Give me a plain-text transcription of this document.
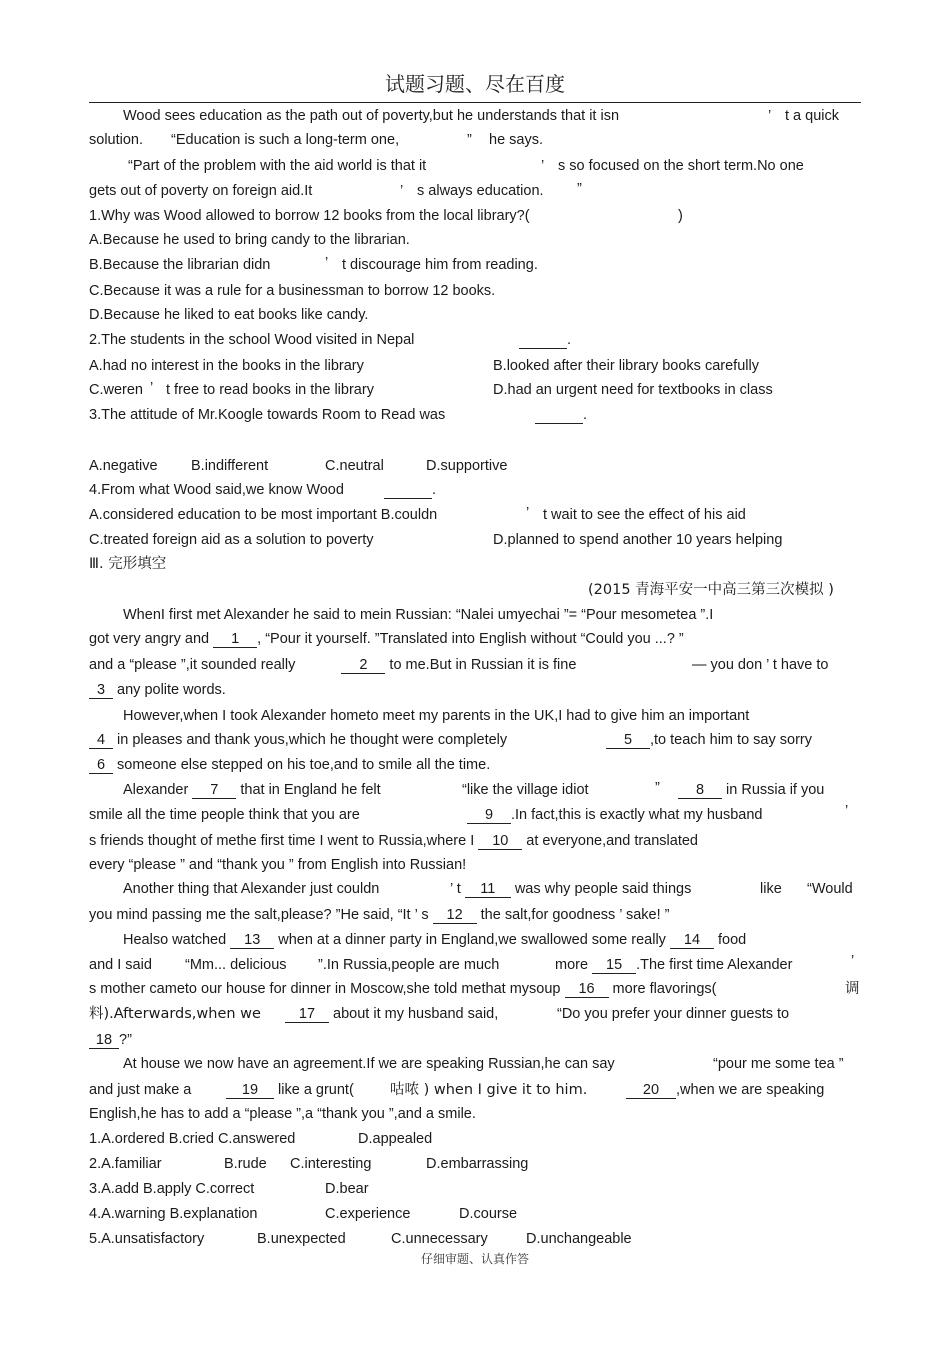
试题习题、尽在百度
Wood sees education as the path out of poverty,but he understands that it isn	’ t a quick
solution. “Education is such a long-term one,	” he says.
“Part of the problem with the aid world is that it	’ s so focused on the short term.No one
gets out of poverty on foreign aid.It	’ s always education. ”
1.Why was Wood allowed to borrow 12 books from the local library?(	)
A.Because he used to bring candy to the librarian.
B.Because the librarian didn	’ t discourage him from reading.
C.Because it was a rule for a businessman to borrow 12 books.
D.Because he liked to eat books like candy.
2.The students in the school Wood visited in Nepal	.
A.had no interest in the books in the library	B.looked after their library books carefully
C.weren ’ t free to read books in the library	D.had an urgent need for textbooks in class
3.The attitude of Mr.Koogle towards Room to Read was	.
A.negative B.indifferent	C.neutral	D.supportive
4.From what Wood said,we know Wood	.
A.considered education to be most important B.couldn	’ t wait to see the effect of his aid
C.treated foreign aid as a solution to poverty	D.planned to spend another 10 years helping
Ⅲ. 完形填空
(2015 青海平安一中高三第三次模拟 )
WhenI first met Alexander he said to mein Russian: “Nalei umyechai ”= “Pour mesometea ”.I
got very angry and 1 , “Pour it yourself. ”Translated into English without “Could you ...? ”
and a “please ”,it sounded really	2 to me.But in Russian it is fine	— you don ’ t have to
3 any polite words.
However,when I took Alexander hometo meet my parents in the UK,I had to give him an important
4 in pleases and thank yous,which he thought were completely	5 ,to teach him to say sorry
6 someone else stepped on his toe,and to smile all the time.
Alexander 7 that in England he felt	“like the village idiot	”	8 in Russia if you
smile all the time people think that you are	9 .In fact,this is exactly what my husband	’
s friends thought of methe first time I went to Russia,where I 10 at everyone,and translated
every “please ” and “thank you ” from English into Russian!
Another thing that Alexander just couldn	’ t 11 was why people said things	like “Would
you mind passing me the salt,please? ”He said, “It ’ s 12 the salt,for goodness ’ sake! ”
Healso watched 13 when at a dinner party in England,we swallowed some really 14 food
and I said “Mm... delicious ”.In Russia,people are much	more 15 .The first time Alexander	’
s mother cameto our house for dinner in Moscow,she told methat mysoup 16 more flavorings(	调
料).Afterwards,when we	17 about it my husband said,	“Do you prefer your dinner guests to
18 ?”
At house we now have an agreement.If we are speaking Russian,he can say	“pour me some tea ”
and just make a	19 like a grunt( 咕哝 ) when I give it to him.	20 ,when we are speaking
English,he has to add a “please ”,a “thank you ”,and a smile.
1.A.ordered B.cried C.answered	D.appealed
2.A.familiar	B.rude C.interesting	D.embarrassing
3.A.add B.apply C.correct	D.bear
4.A.warning B.explanation	C.experience	D.course
5.A.unsatisfactory	B.unexpected	C.unnecessary	D.unchangeable
仔细审题、认真作答
